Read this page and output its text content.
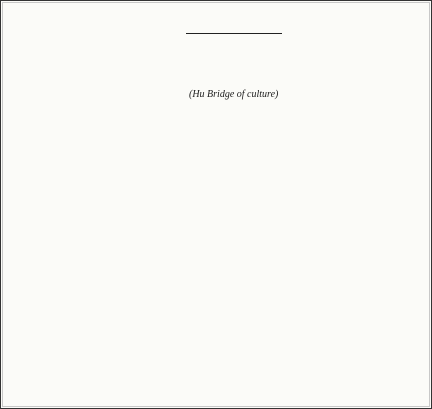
(Hu Bridge of culture)
